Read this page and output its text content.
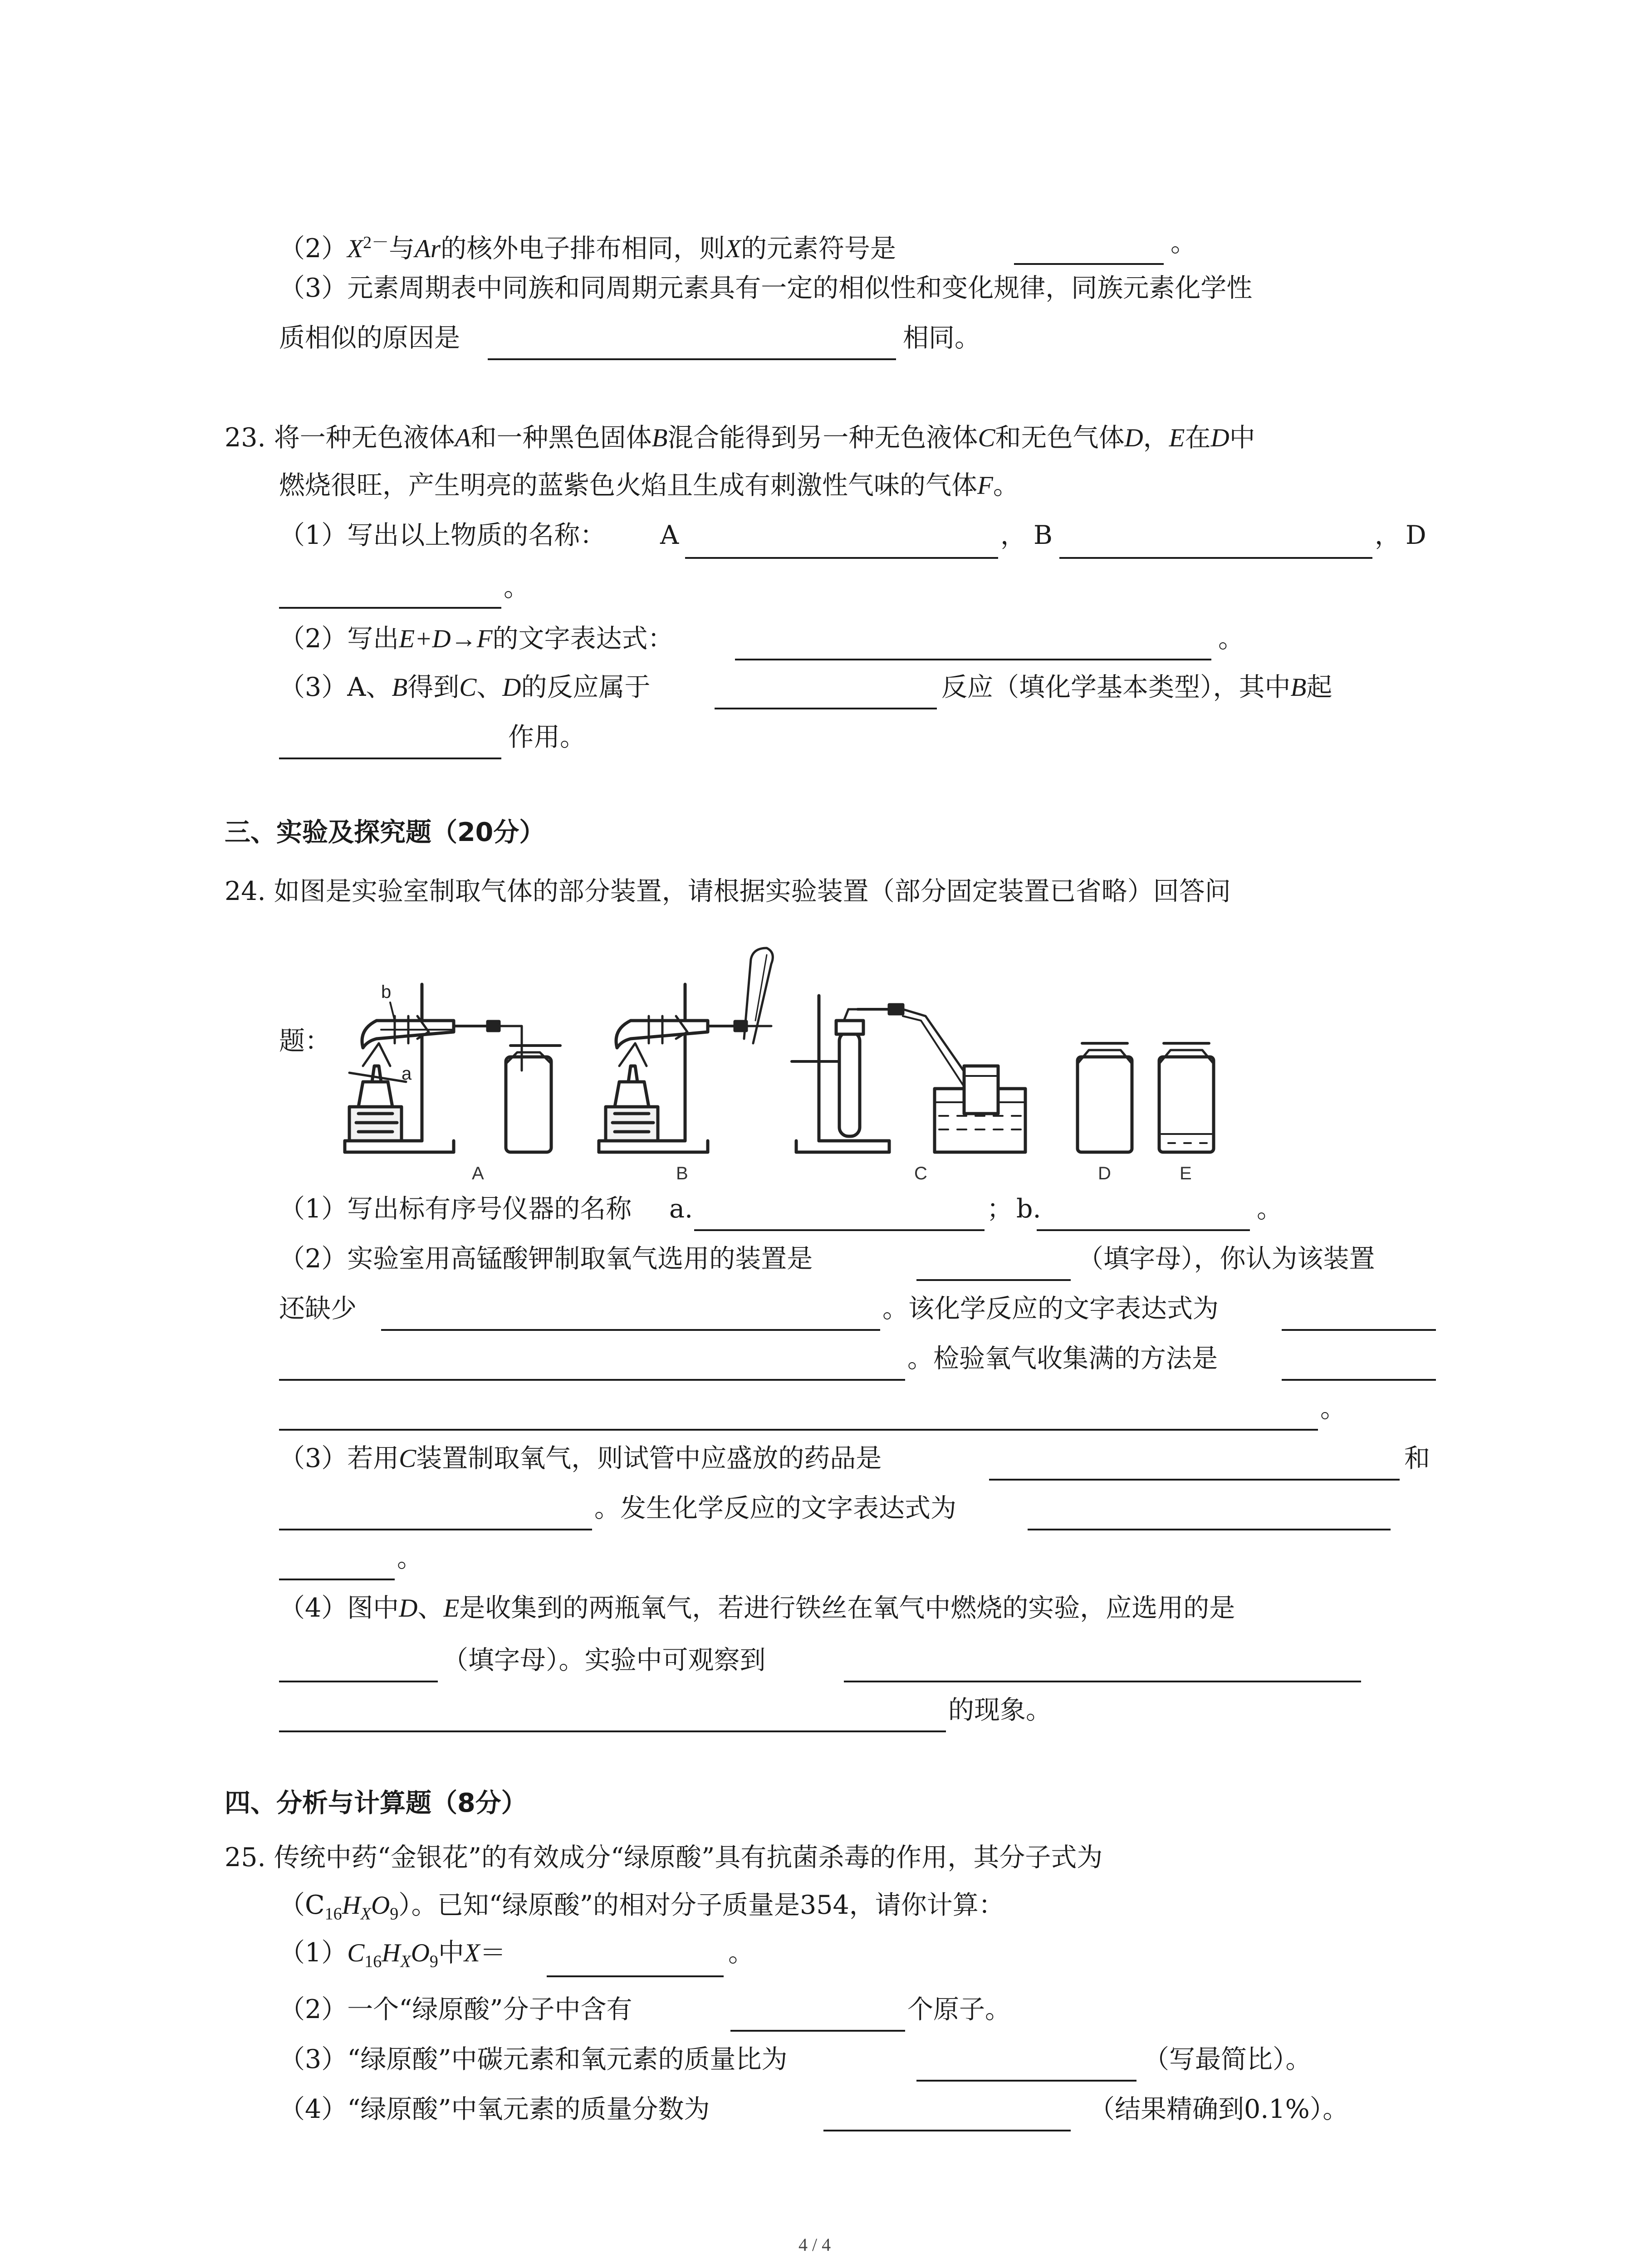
$(2)X^{2-}$与Ar的核外电子排布相同，则X的元素符号是	。
（3）元素周期表中同族和同周期元素具有一定的相似性和变化规律，同族元素化学性
质相似的原因是	相同。
23. 将一种无色液体A和一种黑色固体B混合能得到另一种无色液体C和无色气体D，E在D中
燃烧很旺，产生明亮的蓝紫色火焰且生成有刺激性气味的气体F。
（1）写出以上物质的名称： A	， B	， D
。
（2）写出E+D→F的文字表达式：	。
（3）A、B得到C、D的反应属于	反应（填化学基本类型），其中B起
作用。
三、实验及探究题（20分）
24. 如图是实验室制取气体的部分装置，请根据实验装置（部分固定装置已省略）回答问
题：
a
b
A	B	C	D	E
（1）写出标有序号仪器的名称 a.	； b.	。
（2）实验室用高锰酸钾制取氧气选用的装置是	（填字母），你认为该装置
还缺少	。该化学反应的文字表达式为
。检验氧气收集满的方法是
。
（3）若用C装置制取氧气，则试管中应盛放的药品是	和
。发生化学反应的文字表达式为
。
（4）图中D、E是收集到的两瓶氧气，若进行铁丝在氧气中燃烧的实验，应选用的是
（填字母）。实验中可观察到
的现象。
四、分析与计算题（8分）
25. 传统中药“金银花”的有效成分“绿原酸”具有抗菌杀毒的作用，其分子式为
$(C_{16}H_XO_9)$。已知“绿原酸”的相对分子质量是354，请你计算：
$(1)C_{16}H_XO_9$中X＝	。
（2）一个“绿原酸”分子中含有	个原子。
（3）“绿原酸”中碳元素和氧元素的质量比为	（写最简比）。
（4）“绿原酸”中氧元素的质量分数为	（结果精确到0.1%）。
4 / 4
